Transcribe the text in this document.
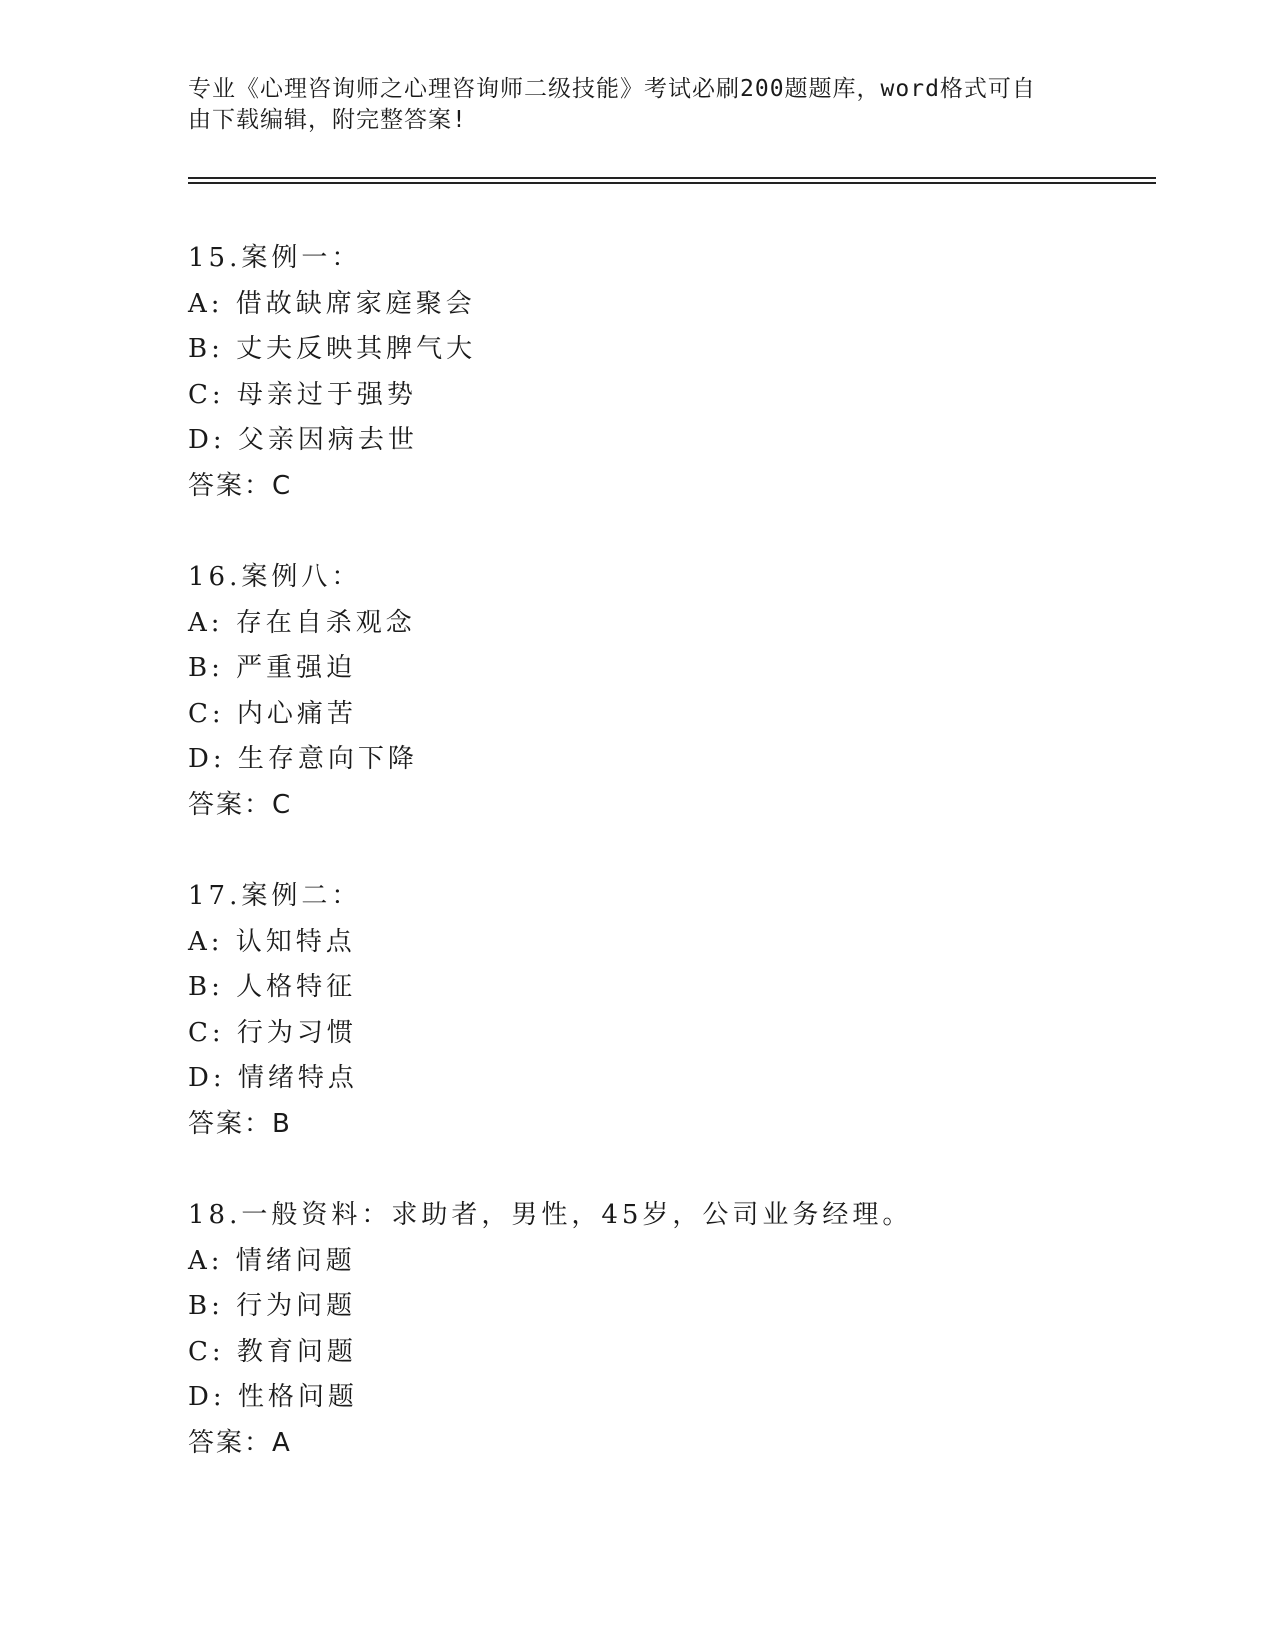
专业《心理咨询师之心理咨询师二级技能》考试必刷200题题库，word格式可自
由下载编辑，附完整答案!
15.案例一：
A: 借故缺席家庭聚会
B: 丈夫反映其脾气大
C: 母亲过于强势
D: 父亲因病去世
答案：C
16.案例八：
A: 存在自杀观念
B: 严重强迫
C: 内心痛苦
D: 生存意向下降
答案：C
17.案例二：
A: 认知特点
B: 人格特征
C: 行为习惯
D: 情绪特点
答案：B
18.一般资料：求助者，男性，45岁，公司业务经理。
A: 情绪问题
B: 行为问题
C: 教育问题
D: 性格问题
答案：A
